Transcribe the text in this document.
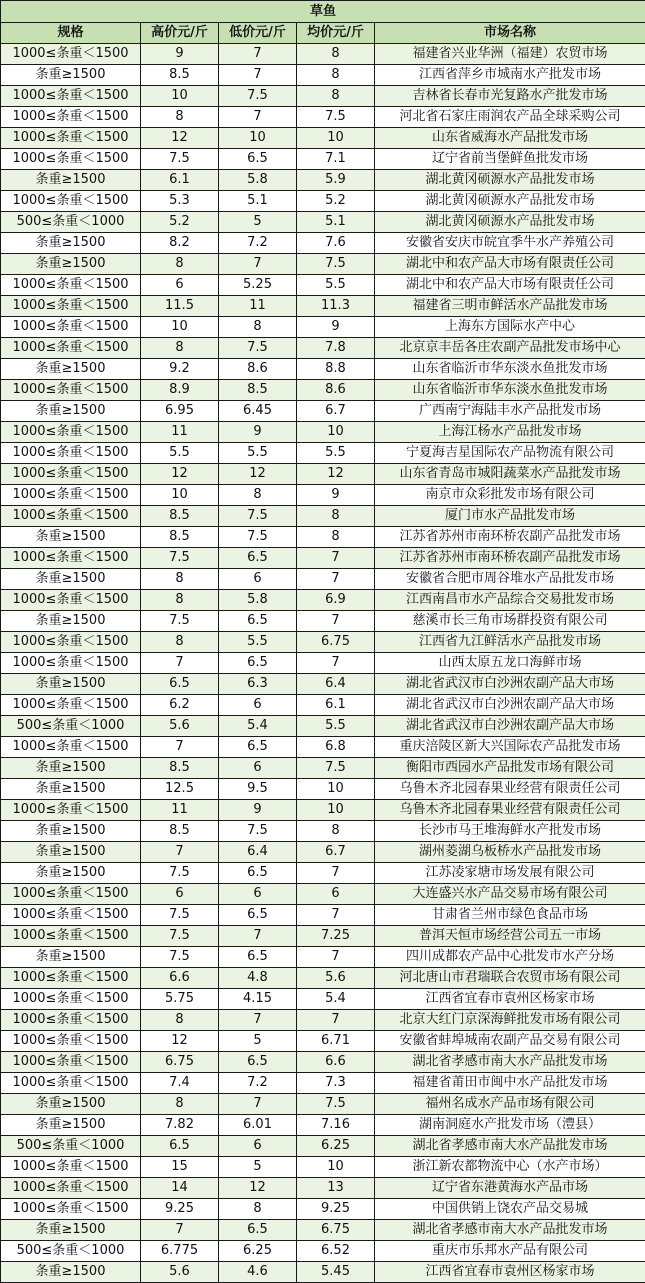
草鱼				
规格	高价元/斤	低价元/斤	均价元/斤	市场名称
1000≤条重＜1500	9	7	8	福建省兴业华洲（福建）农贸市场
条重≥1500	8.5	7	8	江西省萍乡市城南水产批发市场
1000≤条重＜1500	10	7.5	8	吉林省长春市光复路水产批发市场
1000≤条重＜1500	8	7	7.5	河北省石家庄雨润农产品全球采购公司
1000≤条重＜1500	12	10	10	山东省威海水产品批发市场
1000≤条重＜1500	7.5	6.5	7.1	辽宁省前当堡鲜鱼批发市场
条重≥1500	6.1	5.8	5.9	湖北黄冈硕源水产品批发市场
1000≤条重＜1500	5.3	5.1	5.2	湖北黄冈硕源水产品批发市场
500≤条重＜1000	5.2	5	5.1	湖北黄冈硕源水产品批发市场
条重≥1500	8.2	7.2	7.6	安徽省安庆市皖宜季牛水产养殖公司
条重≥1500	8	7	7.5	湖北中和农产品大市场有限责任公司
1000≤条重＜1500	6	5.25	5.5	湖北中和农产品大市场有限责任公司
1000≤条重＜1500	11.5	11	11.3	福建省三明市鲜活水产品批发市场
1000≤条重＜1500	10	8	9	上海东方国际水产中心
1000≤条重＜1500	8	7.5	7.8	北京京丰岳各庄农副产品批发市场中心
条重≥1500	9.2	8.6	8.8	山东省临沂市华东淡水鱼批发市场
1000≤条重＜1500	8.9	8.5	8.6	山东省临沂市华东淡水鱼批发市场
条重≥1500	6.95	6.45	6.7	广西南宁海陆丰水产品批发市场
1000≤条重＜1500	11	9	10	上海江杨水产品批发市场
1000≤条重＜1500	5.5	5.5	5.5	宁夏海吉星国际农产品物流有限公司
1000≤条重＜1500	12	12	12	山东省青岛市城阳蔬菜水产品批发市场
1000≤条重＜1500	10	8	9	南京市众彩批发市场有限公司
1000≤条重＜1500	8.5	7.5	8	厦门市水产品批发市场
条重≥1500	8.5	7.5	8	江苏省苏州市南环桥农副产品批发市场
1000≤条重＜1500	7.5	6.5	7	江苏省苏州市南环桥农副产品批发市场
条重≥1500	8	6	7	安徽省合肥市周谷堆水产品批发市场
1000≤条重＜1500	8	5.8	6.9	江西南昌市水产品综合交易批发市场
条重≥1500	7.5	6.5	7	慈溪市长三角市场群投资有限公司
1000≤条重＜1500	8	5.5	6.75	江西省九江鲜活水产品批发市场
1000≤条重＜1500	7	6.5	7	山西太原五龙口海鲜市场
条重≥1500	6.5	6.3	6.4	湖北省武汉市白沙洲农副产品大市场
1000≤条重＜1500	6.2	6	6.1	湖北省武汉市白沙洲农副产品大市场
500≤条重＜1000	5.6	5.4	5.5	湖北省武汉市白沙洲农副产品大市场
1000≤条重＜1500	7	6.5	6.8	重庆涪陵区新大兴国际农产品批发市场
条重≥1500	8.5	6	7.5	衡阳市西园水产品批发市场有限公司
条重≥1500	12.5	9.5	10	乌鲁木齐北园春果业经营有限责任公司
1000≤条重＜1500	11	9	10	乌鲁木齐北园春果业经营有限责任公司
条重≥1500	8.5	7.5	8	长沙市马王堆海鲜水产批发市场
条重≥1500	7	6.4	6.7	湖州菱湖乌板桥水产品批发市场
条重≥1500	7.5	6.5	7	江苏凌家塘市场发展有限公司
1000≤条重＜1500	6	6	6	大连盛兴水产品交易市场有限公司
1000≤条重＜1500	7.5	6.5	7	甘肃省兰州市绿色食品市场
1000≤条重＜1500	7.5	7	7.25	普洱天恒市场经营公司五一市场
条重≥1500	7.5	6.5	7	四川成都农产品中心批发市水产分场
1000≤条重＜1500	6.6	4.8	5.6	河北唐山市君瑞联合农贸市场有限公司
1000≤条重＜1500	5.75	4.15	5.4	江西省宜春市袁州区杨家市场
1000≤条重＜1500	8	7	7	北京大红门京深海鲜批发市场有限公司
1000≤条重＜1500	12	5	6.71	安徽省蚌埠城南农副产品交易有限公司
1000≤条重＜1500	6.75	6.5	6.6	湖北省孝感市南大水产品批发市场
1000≤条重＜1500	7.4	7.2	7.3	福建省莆田市闽中水产品批发市场
条重≥1500	8	7	7.5	福州名成水产品市场有限公司
条重≥1500	7.82	6.01	7.16	湖南洞庭水产批发市场（澧县）
500≤条重＜1000	6.5	6	6.25	湖北省孝感市南大水产品批发市场
1000≤条重＜1500	15	5	10	浙江新农都物流中心（水产市场）
1000≤条重＜1500	14	12	13	辽宁省东港黄海水产品市场
1000≤条重＜1500	9.25	8	9.25	中国供销上饶农产品交易城
条重≥1500	7	6.5	6.75	湖北省孝感市南大水产品批发市场
500≤条重＜1000	6.775	6.25	6.52	重庆市乐邦水产品有限公司
条重≥1500	5.6	4.6	5.45	江西省宜春市袁州区杨家市场
